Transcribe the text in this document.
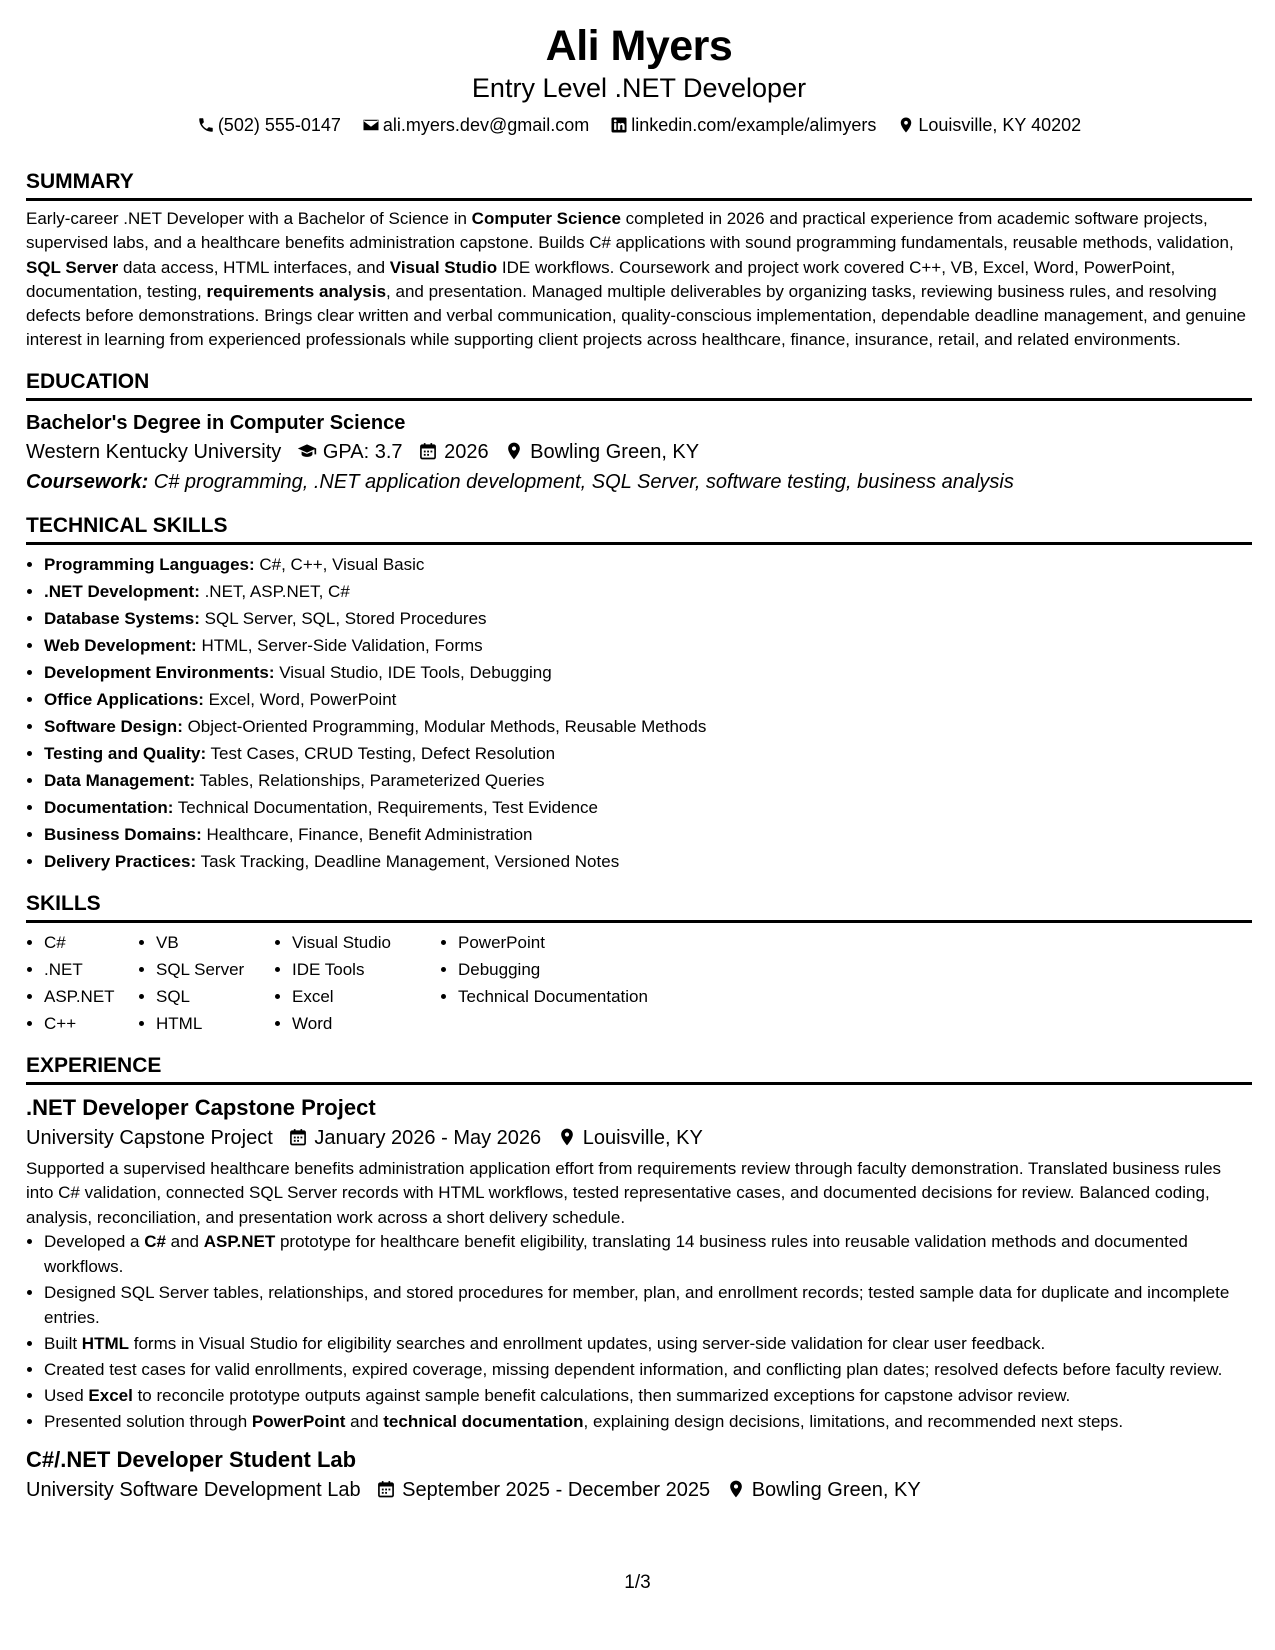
Ali Myers
Entry Level .NET Developer
(502) 555-0147 ali.myers.dev@gmail.com linkedin.com/example/alimyers Louisville, KY 40202
SUMMARY
Early-career .NET Developer with a Bachelor of Science in Computer Science completed in 2026 and practical experience from academic software projects, supervised labs, and a healthcare benefits administration capstone. Builds C# applications with sound programming fundamentals, reusable methods, validation, SQL Server data access, HTML interfaces, and Visual Studio IDE workflows. Coursework and project work covered C++, VB, Excel, Word, PowerPoint, documentation, testing, requirements analysis, and presentation. Managed multiple deliverables by organizing tasks, reviewing business rules, and resolving defects before demonstrations. Brings clear written and verbal communication, quality-conscious implementation, dependable deadline management, and genuine interest in learning from experienced professionals while supporting client projects across healthcare, finance, insurance, retail, and related environments.
EDUCATION
Bachelor's Degree in Computer Science
Western Kentucky University GPA: 3.7 2026 Bowling Green, KY
Coursework: C# programming, .NET application development, SQL Server, software testing, business analysis
TECHNICAL SKILLS
• Programming Languages: C#, C++, Visual Basic
• .NET Development: .NET, ASP.NET, C#
• Database Systems: SQL Server, SQL, Stored Procedures
• Web Development: HTML, Server-Side Validation, Forms
• Development Environments: Visual Studio, IDE Tools, Debugging
• Office Applications: Excel, Word, PowerPoint
• Software Design: Object-Oriented Programming, Modular Methods, Reusable Methods
• Testing and Quality: Test Cases, CRUD Testing, Defect Resolution
• Data Management: Tables, Relationships, Parameterized Queries
• Documentation: Technical Documentation, Requirements, Test Evidence
• Business Domains: Healthcare, Finance, Benefit Administration
• Delivery Practices: Task Tracking, Deadline Management, Versioned Notes
SKILLS
• C#
• .NET
• ASP.NET
• C++
• VB
• SQL Server
• SQL
• HTML
• Visual Studio
• IDE Tools
• Excel
• Word
• PowerPoint
• Debugging
• Technical Documentation
EXPERIENCE
.NET Developer Capstone Project
University Capstone Project January 2026 - May 2026 Louisville, KY
Supported a supervised healthcare benefits administration application effort from requirements review through faculty demonstration. Translated business rules into C# validation, connected SQL Server records with HTML workflows, tested representative cases, and documented decisions for review. Balanced coding, analysis, reconciliation, and presentation work across a short delivery schedule.
• Developed a C# and ASP.NET prototype for healthcare benefit eligibility, translating 14 business rules into reusable validation methods and documented workflows.
• Designed SQL Server tables, relationships, and stored procedures for member, plan, and enrollment records; tested sample data for duplicate and incomplete entries.
• Built HTML forms in Visual Studio for eligibility searches and enrollment updates, using server-side validation for clear user feedback.
• Created test cases for valid enrollments, expired coverage, missing dependent information, and conflicting plan dates; resolved defects before faculty review.
• Used Excel to reconcile prototype outputs against sample benefit calculations, then summarized exceptions for capstone advisor review.
• Presented solution through PowerPoint and technical documentation, explaining design decisions, limitations, and recommended next steps.
C#/.NET Developer Student Lab
University Software Development Lab September 2025 - December 2025 Bowling Green, KY
1/3
